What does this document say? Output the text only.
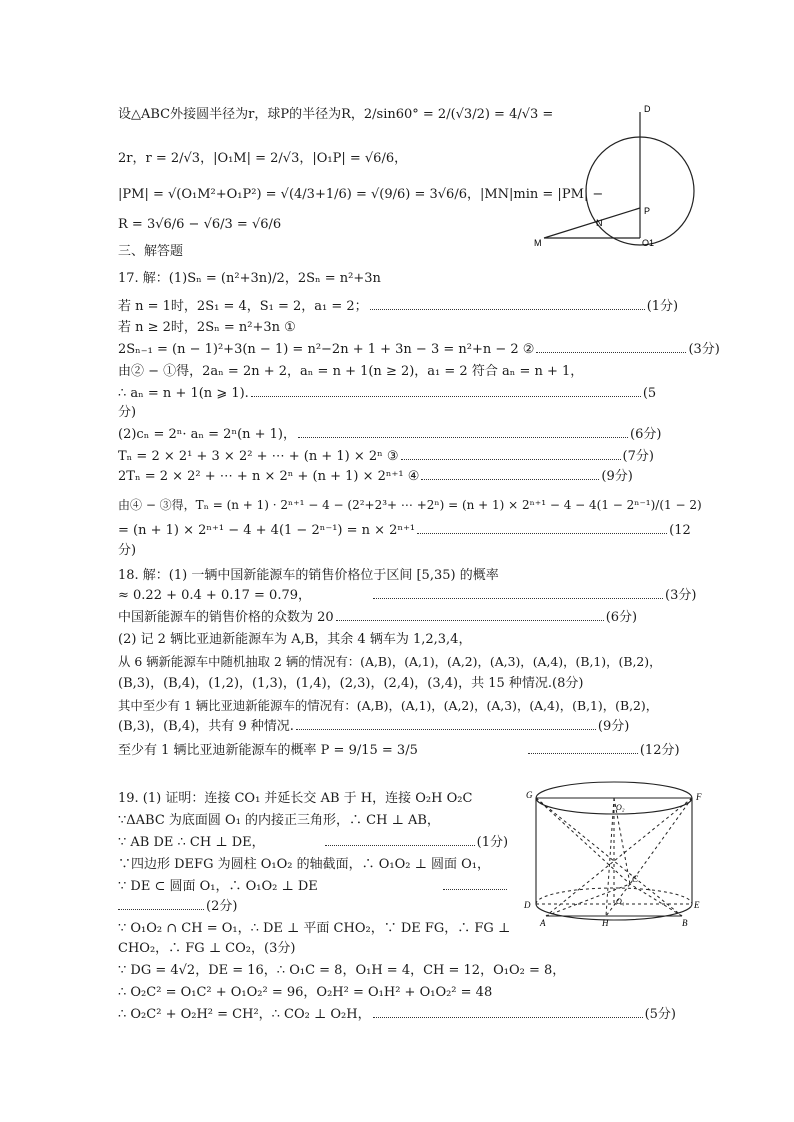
设△ABC外接圆半径为r，球P的半径为R，2/sin60° = 2/(√3/2) = 4/√3 =
2r，r = 2/√3，|O₁M| = 2/√3，|O₁P| = √6/6，
|PM| = √(O₁M²+O₁P²) = √(4/3+1/6) = √(9/6) = 3√6/6，|MN|min = |PM| −
R = 3√6/6 − √6/3 = √6/6
三、解答题
D
P
N
M	O1
17. 解：(1)Sₙ = (n²+3n)/2，2Sₙ = n²+3n
若 n = 1时，2S₁ = 4，S₁ = 2，a₁ = 2；	(1分)
若 n ≥ 2时，2Sₙ = n²+3n ①
2Sₙ₋₁ = (n − 1)²+3(n − 1) = n²−2n + 1 + 3n − 3 = n²+n − 2 ②	(3分)
由② − ①得，2aₙ = 2n + 2，aₙ = n + 1(n ≥ 2)，a₁ = 2 符合 aₙ = n + 1，
∴ aₙ = n + 1(n ⩾ 1).	(5
分)
(2)cₙ = 2ⁿ· aₙ = 2ⁿ(n + 1)，	(6分)
Tₙ = 2 × 2¹ + 3 × 2² + ⋯ + (n + 1) × 2ⁿ ③	(7分)
2Tₙ = 2 × 2² + ⋯ + n × 2ⁿ + (n + 1) × 2ⁿ⁺¹ ④	(9分)
由④ − ③得，Tₙ = (n + 1) · 2ⁿ⁺¹ − 4 − (2²+2³+ ⋯ +2ⁿ) = (n + 1) × 2ⁿ⁺¹ − 4 − 4(1 − 2ⁿ⁻¹)/(1 − 2)
= (n + 1) × 2ⁿ⁺¹ − 4 + 4(1 − 2ⁿ⁻¹) = n × 2ⁿ⁺¹	(12
分)
18. 解：(1) 一辆中国新能源车的销售价格位于区间 [5,35) 的概率
≈ 0.22 + 0.4 + 0.17 = 0.79，	(3分)
中国新能源车的销售价格的众数为 20	(6分)
(2) 记 2 辆比亚迪新能源车为 A,B，其余 4 辆车为 1,2,3,4，
从 6 辆新能源车中随机抽取 2 辆的情况有：(A,B)，(A,1)，(A,2)，(A,3)，(A,4)，(B,1)，(B,2)，
(B,3)，(B,4)，(1,2)，(1,3)，(1,4)，(2,3)，(2,4)，(3,4)，共 15 种情况.(8分)
其中至少有 1 辆比亚迪新能源车的情况有：(A,B)，(A,1)，(A,2)，(A,3)，(A,4)，(B,1)，(B,2)，
(B,3)，(B,4)，共有 9 种情况.	(9分)
至少有 1 辆比亚迪新能源车的概率 P = 9/15 = 3/5	(12分)
19. (1) 证明：连接 CO₁ 并延长交 AB 于 H，连接 O₂H O₂C
∵ΔABC 为底面圆 O₁ 的内接正三角形，∴ CH ⊥ AB，
∵ AB DE ∴ CH ⊥ DE，	(1分)
∵四边形 DEFG 为圆柱 O₁O₂ 的轴截面，∴ O₁O₂ ⊥ 圆面 O₁，
∵ DE ⊂ 圆面 O₁，∴ O₁O₂ ⊥ DE
(2分)
∵ O₁O₂ ∩ CH = O₁，∴ DE ⊥ 平面 CHO₂，∵ DE FG，∴ FG ⊥
CHO₂，∴ FG ⊥ CO₂，(3分)
∵ DG = 4√2，DE = 16，∴ O₁C = 8，O₁H = 4，CH = 12，O₁O₂ = 8，
∴ O₂C² = O₁C² + O₁O₂² = 96，O₂H² = O₁H² + O₁O₂² = 48
∴ O₂C² + O₂H² = CH²，∴ CO₂ ⊥ O₂H，	(5分)
G	F
O₂
D	E
O₁
A	H	B
C
